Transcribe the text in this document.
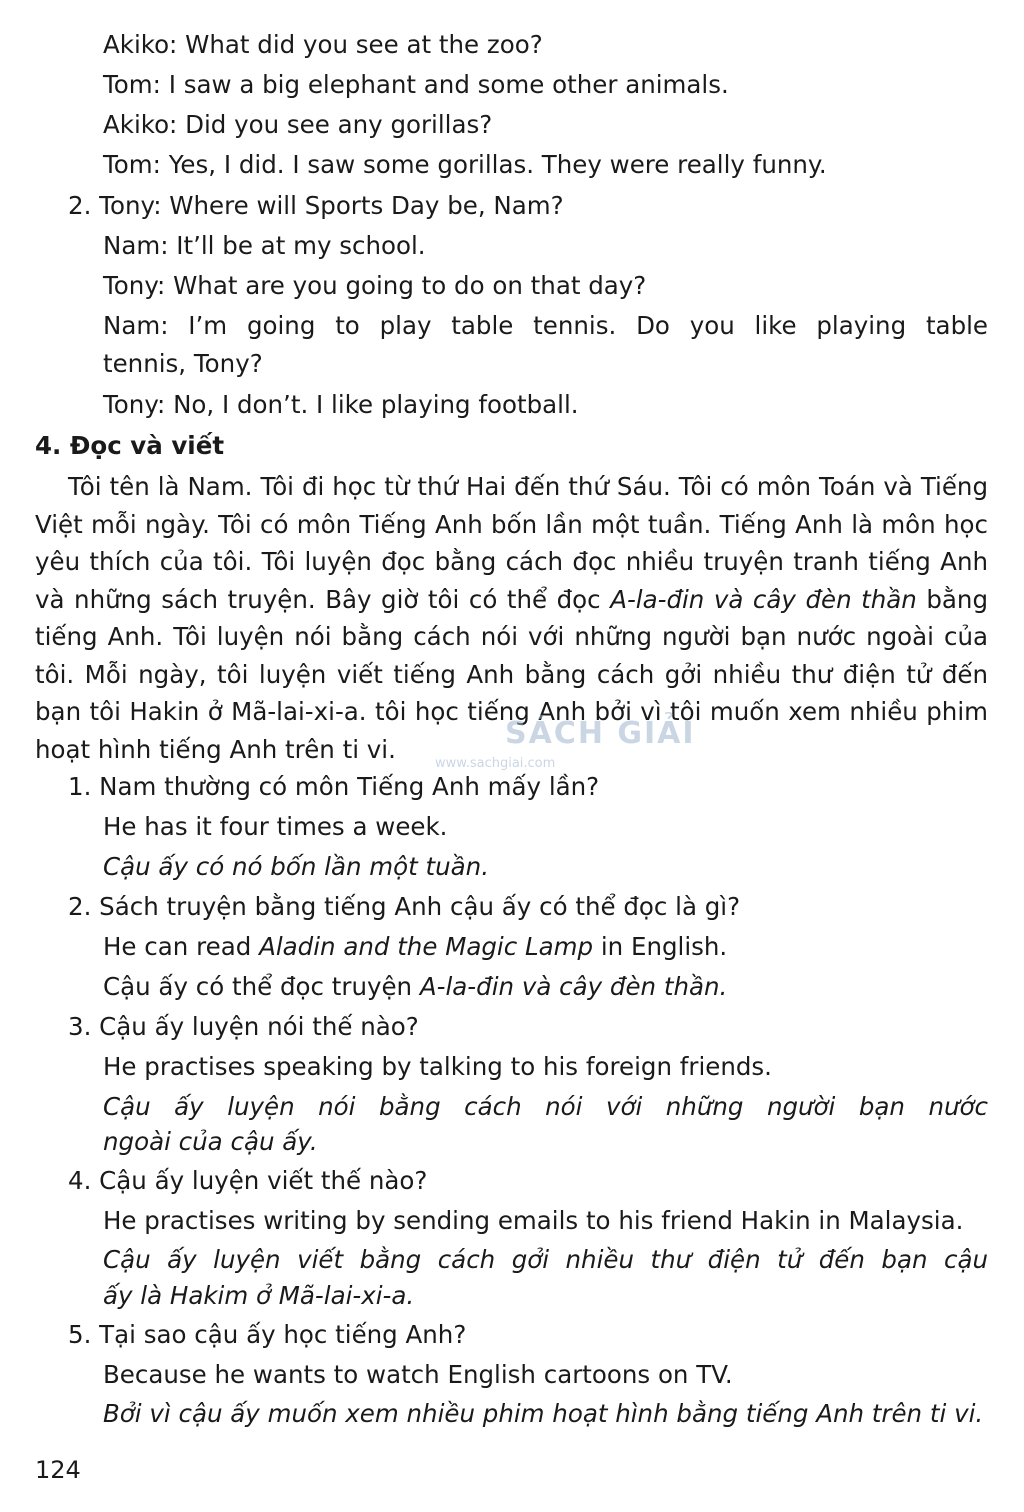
Akiko: What did you see at the zoo?
Tom: I saw a big elephant and some other animals.
Akiko: Did you see any gorillas?
Tom: Yes, I did. I saw some gorillas. They were really funny.
2. Tony: Where will Sports Day be, Nam?
Nam: It’ll be at my school.
Tony: What are you going to do on that day?
Nam: I’m going to play table tennis. Do you like playing table
tennis, Tony?
Tony: No, I don’t. I like playing football.
4. Đọc và viết
Tôi tên là Nam. Tôi đi học từ thứ Hai đến thứ Sáu. Tôi có môn Toán và Tiếng Việt mỗi ngày. Tôi có môn Tiếng Anh bốn lần một tuần. Tiếng Anh là môn học yêu thích của tôi. Tôi luyện đọc bằng cách đọc nhiều truyện tranh tiếng Anh và những sách truyện. Bây giờ tôi có thể đọc A-la-đin và cây đèn thần bằng tiếng Anh. Tôi luyện nói bằng cách nói với những người bạn nước ngoài của tôi. Mỗi ngày, tôi luyện viết tiếng Anh bằng cách gởi nhiều thư điện tử đến bạn tôi Hakin ở Mã-lai-xi-a. tôi học tiếng Anh bởi vì tôi muốn xem nhiều phim hoạt hình tiếng Anh trên ti vi.	SÁCH GIẢI
www.sachgiai.com
1. Nam thường có môn Tiếng Anh mấy lần?
He has it four times a week.
Cậu ấy có nó bốn lần một tuần.
2. Sách truyện bằng tiếng Anh cậu ấy có thể đọc là gì?
He can read Aladin and the Magic Lamp in English.
Cậu ấy có thể đọc truyện A-la-đin và cây đèn thần.
3. Cậu ấy luyện nói thế nào?
He practises speaking by talking to his foreign friends.
Cậu ấy luyện nói bằng cách nói với những người bạn nước
ngoài của cậu ấy.
4. Cậu ấy luyện viết thế nào?
He practises writing by sending emails to his friend Hakin in Malaysia.
Cậu ấy luyện viết bằng cách gởi nhiều thư điện tử đến bạn cậu
ấy là Hakim ở Mã-lai-xi-a.
5. Tại sao cậu ấy học tiếng Anh?
Because he wants to watch English cartoons on TV.
Bởi vì cậu ấy muốn xem nhiều phim hoạt hình bằng tiếng Anh trên ti vi.
124
